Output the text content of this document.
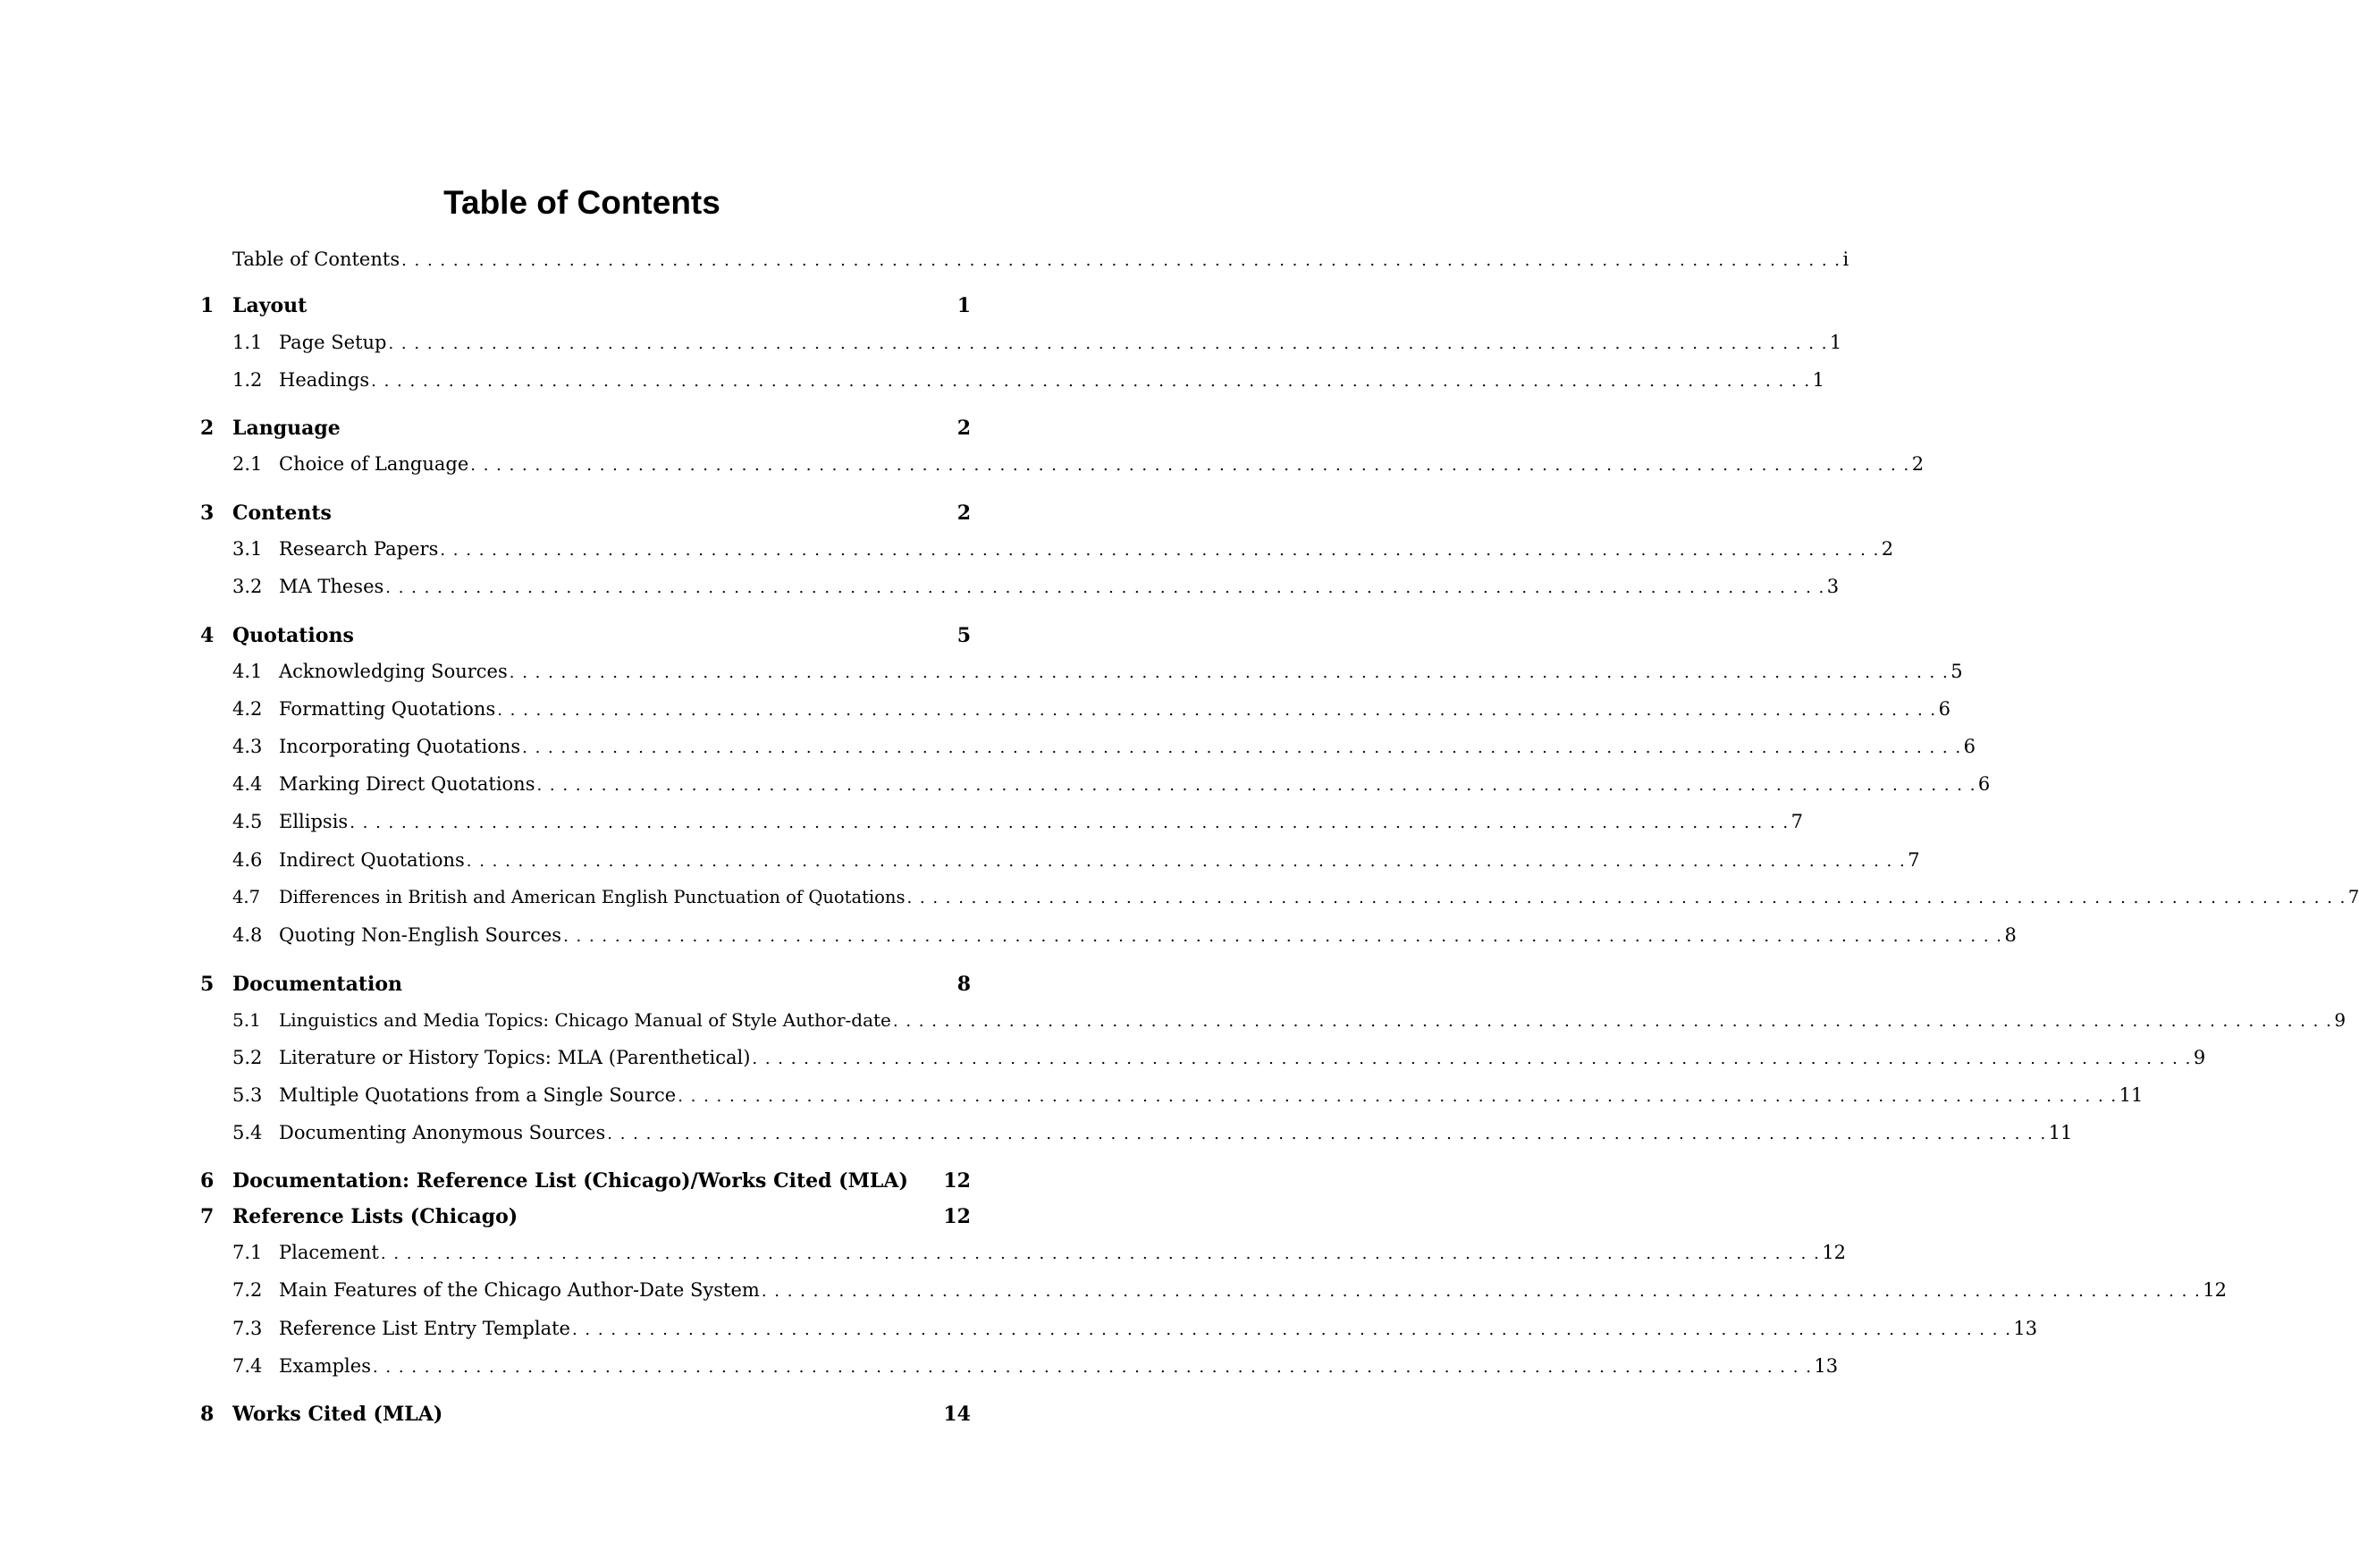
Table of Contents
Table of Contents . . . . . . . . . . . . . . . . . . . . . . . . . . . . . . . . . . . . . . . . . . . . . . . . . . . . . . . . . . . . . . . . . . . . . . . . . . . . . . . . . . . . . . . . . . . . . . . . . . . . . . . . . . . . . . . . i
1 Layout	1
1.1 Page Setup . . . . . . . . . . . . . . . . . . . . . . . . . . . . . . . . . . . . . . . . . . . . . . . . . . . . . . . . . . . . . . . . . . . . . . . . . . . . . . . . . . . . . . . . . . . . . . . . . . . . . . . . . . . . . . . . 1
1.2 Headings . . . . . . . . . . . . . . . . . . . . . . . . . . . . . . . . . . . . . . . . . . . . . . . . . . . . . . . . . . . . . . . . . . . . . . . . . . . . . . . . . . . . . . . . . . . . . . . . . . . . . . . . . . . . . . . . 1
2 Language	2
2.1 Choice of Language . . . . . . . . . . . . . . . . . . . . . . . . . . . . . . . . . . . . . . . . . . . . . . . . . . . . . . . . . . . . . . . . . . . . . . . . . . . . . . . . . . . . . . . . . . . . . . . . . . . . . . . . . . . . . . . . 2
3 Contents	2
3.1 Research Papers . . . . . . . . . . . . . . . . . . . . . . . . . . . . . . . . . . . . . . . . . . . . . . . . . . . . . . . . . . . . . . . . . . . . . . . . . . . . . . . . . . . . . . . . . . . . . . . . . . . . . . . . . . . . . . . . 2
3.2 MA Theses . . . . . . . . . . . . . . . . . . . . . . . . . . . . . . . . . . . . . . . . . . . . . . . . . . . . . . . . . . . . . . . . . . . . . . . . . . . . . . . . . . . . . . . . . . . . . . . . . . . . . . . . . . . . . . . . 3
4 Quotations	5
4.1 Acknowledging Sources . . . . . . . . . . . . . . . . . . . . . . . . . . . . . . . . . . . . . . . . . . . . . . . . . . . . . . . . . . . . . . . . . . . . . . . . . . . . . . . . . . . . . . . . . . . . . . . . . . . . . . . . . . . . . . . . 5
4.2 Formatting Quotations . . . . . . . . . . . . . . . . . . . . . . . . . . . . . . . . . . . . . . . . . . . . . . . . . . . . . . . . . . . . . . . . . . . . . . . . . . . . . . . . . . . . . . . . . . . . . . . . . . . . . . . . . . . . . . . . 6
4.3 Incorporating Quotations . . . . . . . . . . . . . . . . . . . . . . . . . . . . . . . . . . . . . . . . . . . . . . . . . . . . . . . . . . . . . . . . . . . . . . . . . . . . . . . . . . . . . . . . . . . . . . . . . . . . . . . . . . . . . . . . 6
4.4 Marking Direct Quotations . . . . . . . . . . . . . . . . . . . . . . . . . . . . . . . . . . . . . . . . . . . . . . . . . . . . . . . . . . . . . . . . . . . . . . . . . . . . . . . . . . . . . . . . . . . . . . . . . . . . . . . . . . . . . . . . 6
4.5 Ellipsis . . . . . . . . . . . . . . . . . . . . . . . . . . . . . . . . . . . . . . . . . . . . . . . . . . . . . . . . . . . . . . . . . . . . . . . . . . . . . . . . . . . . . . . . . . . . . . . . . . . . . . . . . . . . . . . . 7
4.6 Indirect Quotations . . . . . . . . . . . . . . . . . . . . . . . . . . . . . . . . . . . . . . . . . . . . . . . . . . . . . . . . . . . . . . . . . . . . . . . . . . . . . . . . . . . . . . . . . . . . . . . . . . . . . . . . . . . . . . . . 7
4.7	Differences in British and American English Punctuation of Quotations . . . . . . . . . . . . . . . . . . . . . . . . . . . . . . . . . . . . . . . . . . . . . . . . . . . . . . . . . . . . . . . . . . . . . . . . . . . . . . . . . . . . . . . . . . . . . . . . . . . . . . . . . . . . . . . . 7
4.8 Quoting Non-English Sources . . . . . . . . . . . . . . . . . . . . . . . . . . . . . . . . . . . . . . . . . . . . . . . . . . . . . . . . . . . . . . . . . . . . . . . . . . . . . . . . . . . . . . . . . . . . . . . . . . . . . . . . . . . . . . . . 8
5 Documentation	8
5.1	Linguistics and Media Topics: Chicago Manual of Style Author-date . . . . . . . . . . . . . . . . . . . . . . . . . . . . . . . . . . . . . . . . . . . . . . . . . . . . . . . . . . . . . . . . . . . . . . . . . . . . . . . . . . . . . . . . . . . . . . . . . . . . . . . . . . . . . . . . 9
5.2 Literature or History Topics: MLA (Parenthetical) . . . . . . . . . . . . . . . . . . . . . . . . . . . . . . . . . . . . . . . . . . . . . . . . . . . . . . . . . . . . . . . . . . . . . . . . . . . . . . . . . . . . . . . . . . . . . . . . . . . . . . . . . . . . . . . . 9
5.3 Multiple Quotations from a Single Source . . . . . . . . . . . . . . . . . . . . . . . . . . . . . . . . . . . . . . . . . . . . . . . . . . . . . . . . . . . . . . . . . . . . . . . . . . . . . . . . . . . . . . . . . . . . . . . . . . . . . . . . . . . . . . . . 11
5.4 Documenting Anonymous Sources . . . . . . . . . . . . . . . . . . . . . . . . . . . . . . . . . . . . . . . . . . . . . . . . . . . . . . . . . . . . . . . . . . . . . . . . . . . . . . . . . . . . . . . . . . . . . . . . . . . . . . . . . . . . . . . . 11
6 Documentation: Reference List (Chicago)/Works Cited (MLA) 12
7 Reference Lists (Chicago)	12
7.1 Placement . . . . . . . . . . . . . . . . . . . . . . . . . . . . . . . . . . . . . . . . . . . . . . . . . . . . . . . . . . . . . . . . . . . . . . . . . . . . . . . . . . . . . . . . . . . . . . . . . . . . . . . . . . . . . . . . 12
7.2 Main Features of the Chicago Author-Date System . . . . . . . . . . . . . . . . . . . . . . . . . . . . . . . . . . . . . . . . . . . . . . . . . . . . . . . . . . . . . . . . . . . . . . . . . . . . . . . . . . . . . . . . . . . . . . . . . . . . . . . . . . . . . . . . 12
7.3 Reference List Entry Template . . . . . . . . . . . . . . . . . . . . . . . . . . . . . . . . . . . . . . . . . . . . . . . . . . . . . . . . . . . . . . . . . . . . . . . . . . . . . . . . . . . . . . . . . . . . . . . . . . . . . . . . . . . . . . . . 13
7.4 Examples . . . . . . . . . . . . . . . . . . . . . . . . . . . . . . . . . . . . . . . . . . . . . . . . . . . . . . . . . . . . . . . . . . . . . . . . . . . . . . . . . . . . . . . . . . . . . . . . . . . . . . . . . . . . . . . . 13
8 Works Cited (MLA)	14
